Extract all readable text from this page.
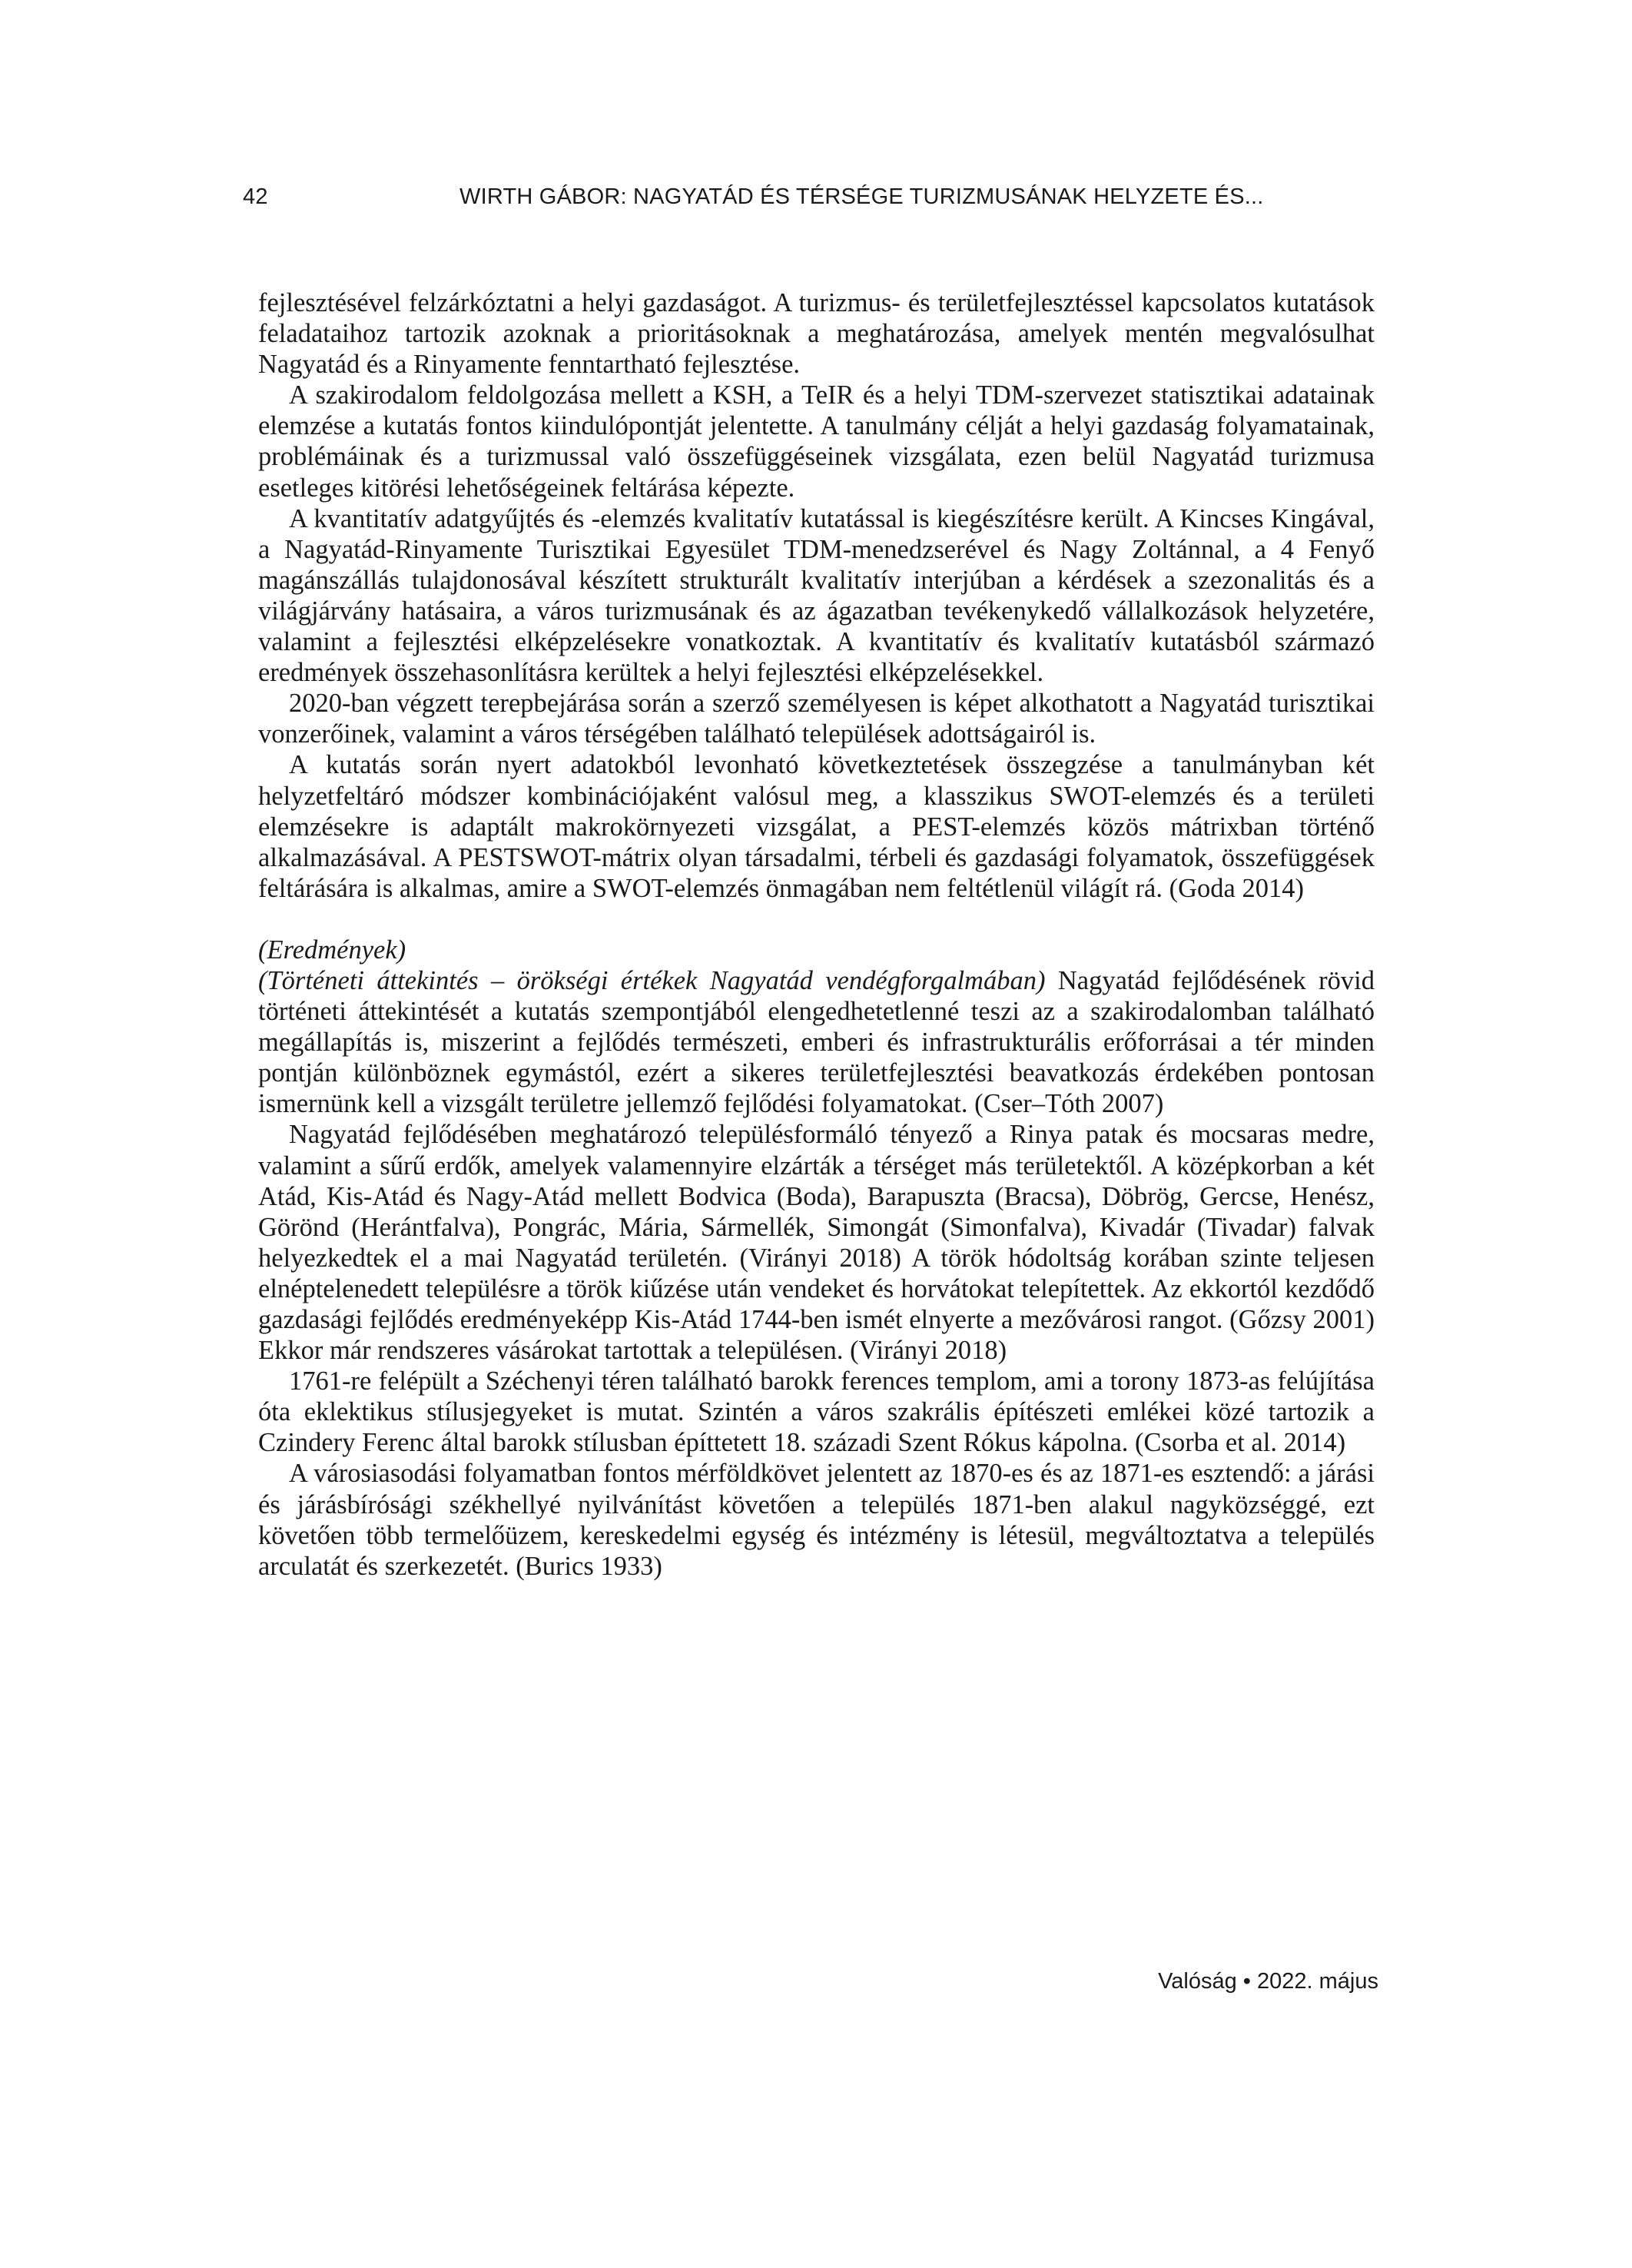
42	WIRTH GÁBOR: NAGYATÁD ÉS TÉRSÉGE TURIZMUSÁNAK HELYZETE ÉS...

fejlesztésével felzárkóztatni a helyi gazdaságot. A turizmus- és területfejlesztéssel kapcsolatos kutatások feladataihoz tartozik azoknak a prioritásoknak a meghatározása, amelyek mentén megvalósulhat Nagyatád és a Rinyamente fenntartható fejlesztése.

A szakirodalom feldolgozása mellett a KSH, a TeIR és a helyi TDM-szervezet statisztikai adatainak elemzése a kutatás fontos kiindulópontját jelentette. A tanulmány célját a helyi gazdaság folyamatainak, problémáinak és a turizmussal való összefüggéseinek vizsgálata, ezen belül Nagyatád turizmusa esetleges kitörési lehetőségeinek feltárása képezte.

A kvantitatív adatgyűjtés és -elemzés kvalitatív kutatással is kiegészítésre került. A Kincses Kingával, a Nagyatád-Rinyamente Turisztikai Egyesület TDM-menedzserével és Nagy Zoltánnal, a 4 Fenyő magánszállás tulajdonosával készített strukturált kvalitatív interjúban a kérdések a szezonalitás és a világjárvány hatásaira, a város turizmusának és az ágazatban tevékenykedő vállalkozások helyzetére, valamint a fejlesztési elképzelésekre vonatkoztak. A kvantitatív és kvalitatív kutatásból származó eredmények összehasonlításra kerültek a helyi fejlesztési elképzelésekkel.

2020-ban végzett terepbejárása során a szerző személyesen is képet alkothatott a Nagyatád turisztikai vonzerőinek, valamint a város térségében található települések adottságairól is.

A kutatás során nyert adatokból levonható következtetések összegzése a tanulmányban két helyzetfeltáró módszer kombinációjaként valósul meg, a klasszikus SWOT-elemzés és a területi elemzésekre is adaptált makrokörnyezeti vizsgálat, a PEST-elemzés közös mátrixban történő alkalmazásával. A PESTSWOT-mátrix olyan társadalmi, térbeli és gazdasági folyamatok, összefüggések feltárására is alkalmas, amire a SWOT-elemzés önmagában nem feltétlenül világít rá. (Goda 2014)

(Eredmények)

(Történeti áttekintés – örökségi értékek Nagyatád vendégforgalmában) Nagyatád fejlődésének rövid történeti áttekintését a kutatás szempontjából elengedhetetlenné teszi az a szakirodalomban található megállapítás is, miszerint a fejlődés természeti, emberi és infrastrukturális erőforrásai a tér minden pontján különböznek egymástól, ezért a sikeres területfejlesztési beavatkozás érdekében pontosan ismernünk kell a vizsgált területre jellemző fejlődési folyamatokat. (Cser–Tóth 2007)

Nagyatád fejlődésében meghatározó településformáló tényező a Rinya patak és mocsaras medre, valamint a sűrű erdők, amelyek valamennyire elzárták a térséget más területektől. A középkorban a két Atád, Kis-Atád és Nagy-Atád mellett Bodvica (Boda), Barapuszta (Bracsa), Döbrög, Gercse, Henész, Görönd (Herántfalva), Pongrác, Mária, Sármellék, Simongát (Simonfalva), Kivadár (Tivadar) falvak helyezkedtek el a mai Nagyatád területén. (Virányi 2018) A török hódoltság korában szinte teljesen elnéptelenedett településre a török kiűzése után vendeket és horvátokat telepítettek. Az ekkortól kezdődő gazdasági fejlődés eredményeképp Kis-Atád 1744-ben ismét elnyerte a mezővárosi rangot. (Gőzsy 2001) Ekkor már rendszeres vásárokat tartottak a településen. (Virányi 2018)

1761-re felépült a Széchenyi téren található barokk ferences templom, ami a torony 1873-as felújítása óta eklektikus stílusjegyeket is mutat. Szintén a város szakrális építészeti emlékei közé tartozik a Czindery Ferenc által barokk stílusban építtetett 18. századi Szent Rókus kápolna. (Csorba et al. 2014)

A városiasodási folyamatban fontos mérföldkövet jelentett az 1870-es és az 1871-es esztendő: a járási és járásbírósági székhellyé nyilvánítást követően a település 1871-ben alakul nagyközséggé, ezt követően több termelőüzem, kereskedelmi egység és intézmény is létesül, megváltoztatva a település arculatát és szerkezetét. (Burics 1933)

Valóság • 2022. május
